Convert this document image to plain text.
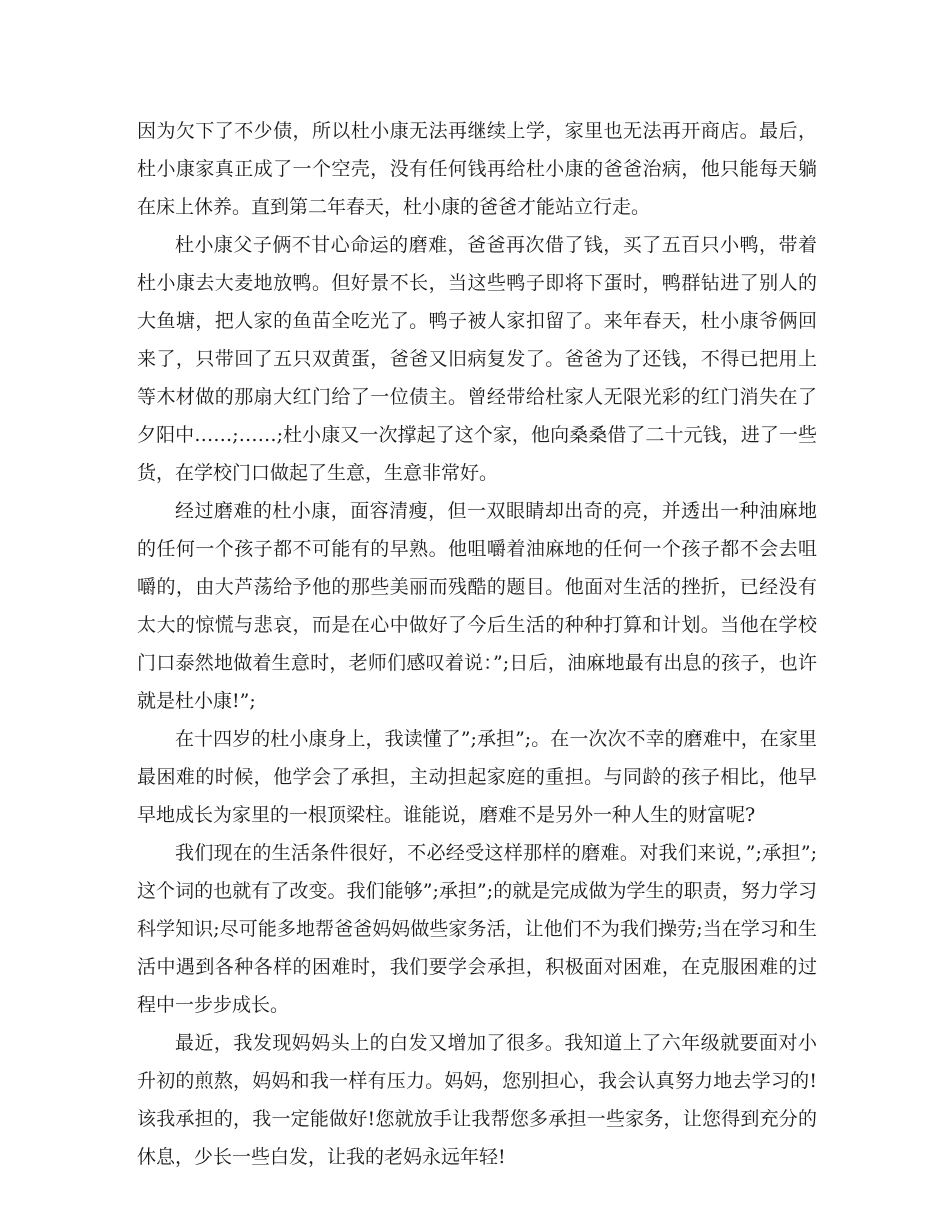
因为欠下了不少债，所以杜小康无法再继续上学，家里也无法再开商店。最后，杜小康家真正成了一个空壳，没有任何钱再给杜小康的爸爸治病，他只能每天躺在床上休养。直到第二年春天，杜小康的爸爸才能站立行走。

杜小康父子俩不甘心命运的磨难，爸爸再次借了钱，买了五百只小鸭，带着杜小康去大麦地放鸭。但好景不长，当这些鸭子即将下蛋时，鸭群钻进了别人的大鱼塘，把人家的鱼苗全吃光了。鸭子被人家扣留了。来年春天，杜小康爷俩回来了，只带回了五只双黄蛋，爸爸又旧病复发了。爸爸为了还钱，不得已把用上等木材做的那扇大红门给了一位债主。曾经带给杜家人无限光彩的红门消失在了夕阳中……;……;杜小康又一次撑起了这个家，他向桑桑借了二十元钱，进了一些货，在学校门口做起了生意，生意非常好。

经过磨难的杜小康，面容清瘦，但一双眼睛却出奇的亮，并透出一种油麻地的任何一个孩子都不可能有的早熟。他咀嚼着油麻地的任何一个孩子都不会去咀嚼的，由大芦荡给予他的那些美丽而残酷的题目。他面对生活的挫折，已经没有太大的惊慌与悲哀，而是在心中做好了今后生活的种种打算和计划。当他在学校门口泰然地做着生意时，老师们感叹着说：”;日后，油麻地最有出息的孩子，也许就是杜小康!”;

在十四岁的杜小康身上，我读懂了”;承担”;。在一次次不幸的磨难中，在家里最困难的时候，他学会了承担，主动担起家庭的重担。与同龄的孩子相比，他早早地成长为家里的一根顶梁柱。谁能说，磨难不是另外一种人生的财富呢?

我们现在的生活条件很好，不必经受这样那样的磨难。对我们来说，”;承担”;这个词的也就有了改变。我们能够”;承担”;的就是完成做为学生的职责，努力学习科学知识;尽可能多地帮爸爸妈妈做些家务活，让他们不为我们操劳;当在学习和生活中遇到各种各样的困难时，我们要学会承担，积极面对困难，在克服困难的过程中一步步成长。

最近，我发现妈妈头上的白发又增加了很多。我知道上了六年级就要面对小升初的煎熬，妈妈和我一样有压力。妈妈，您别担心，我会认真努力地去学习的!该我承担的，我一定能做好!您就放手让我帮您多承担一些家务，让您得到充分的休息，少长一些白发，让我的老妈永远年轻!
